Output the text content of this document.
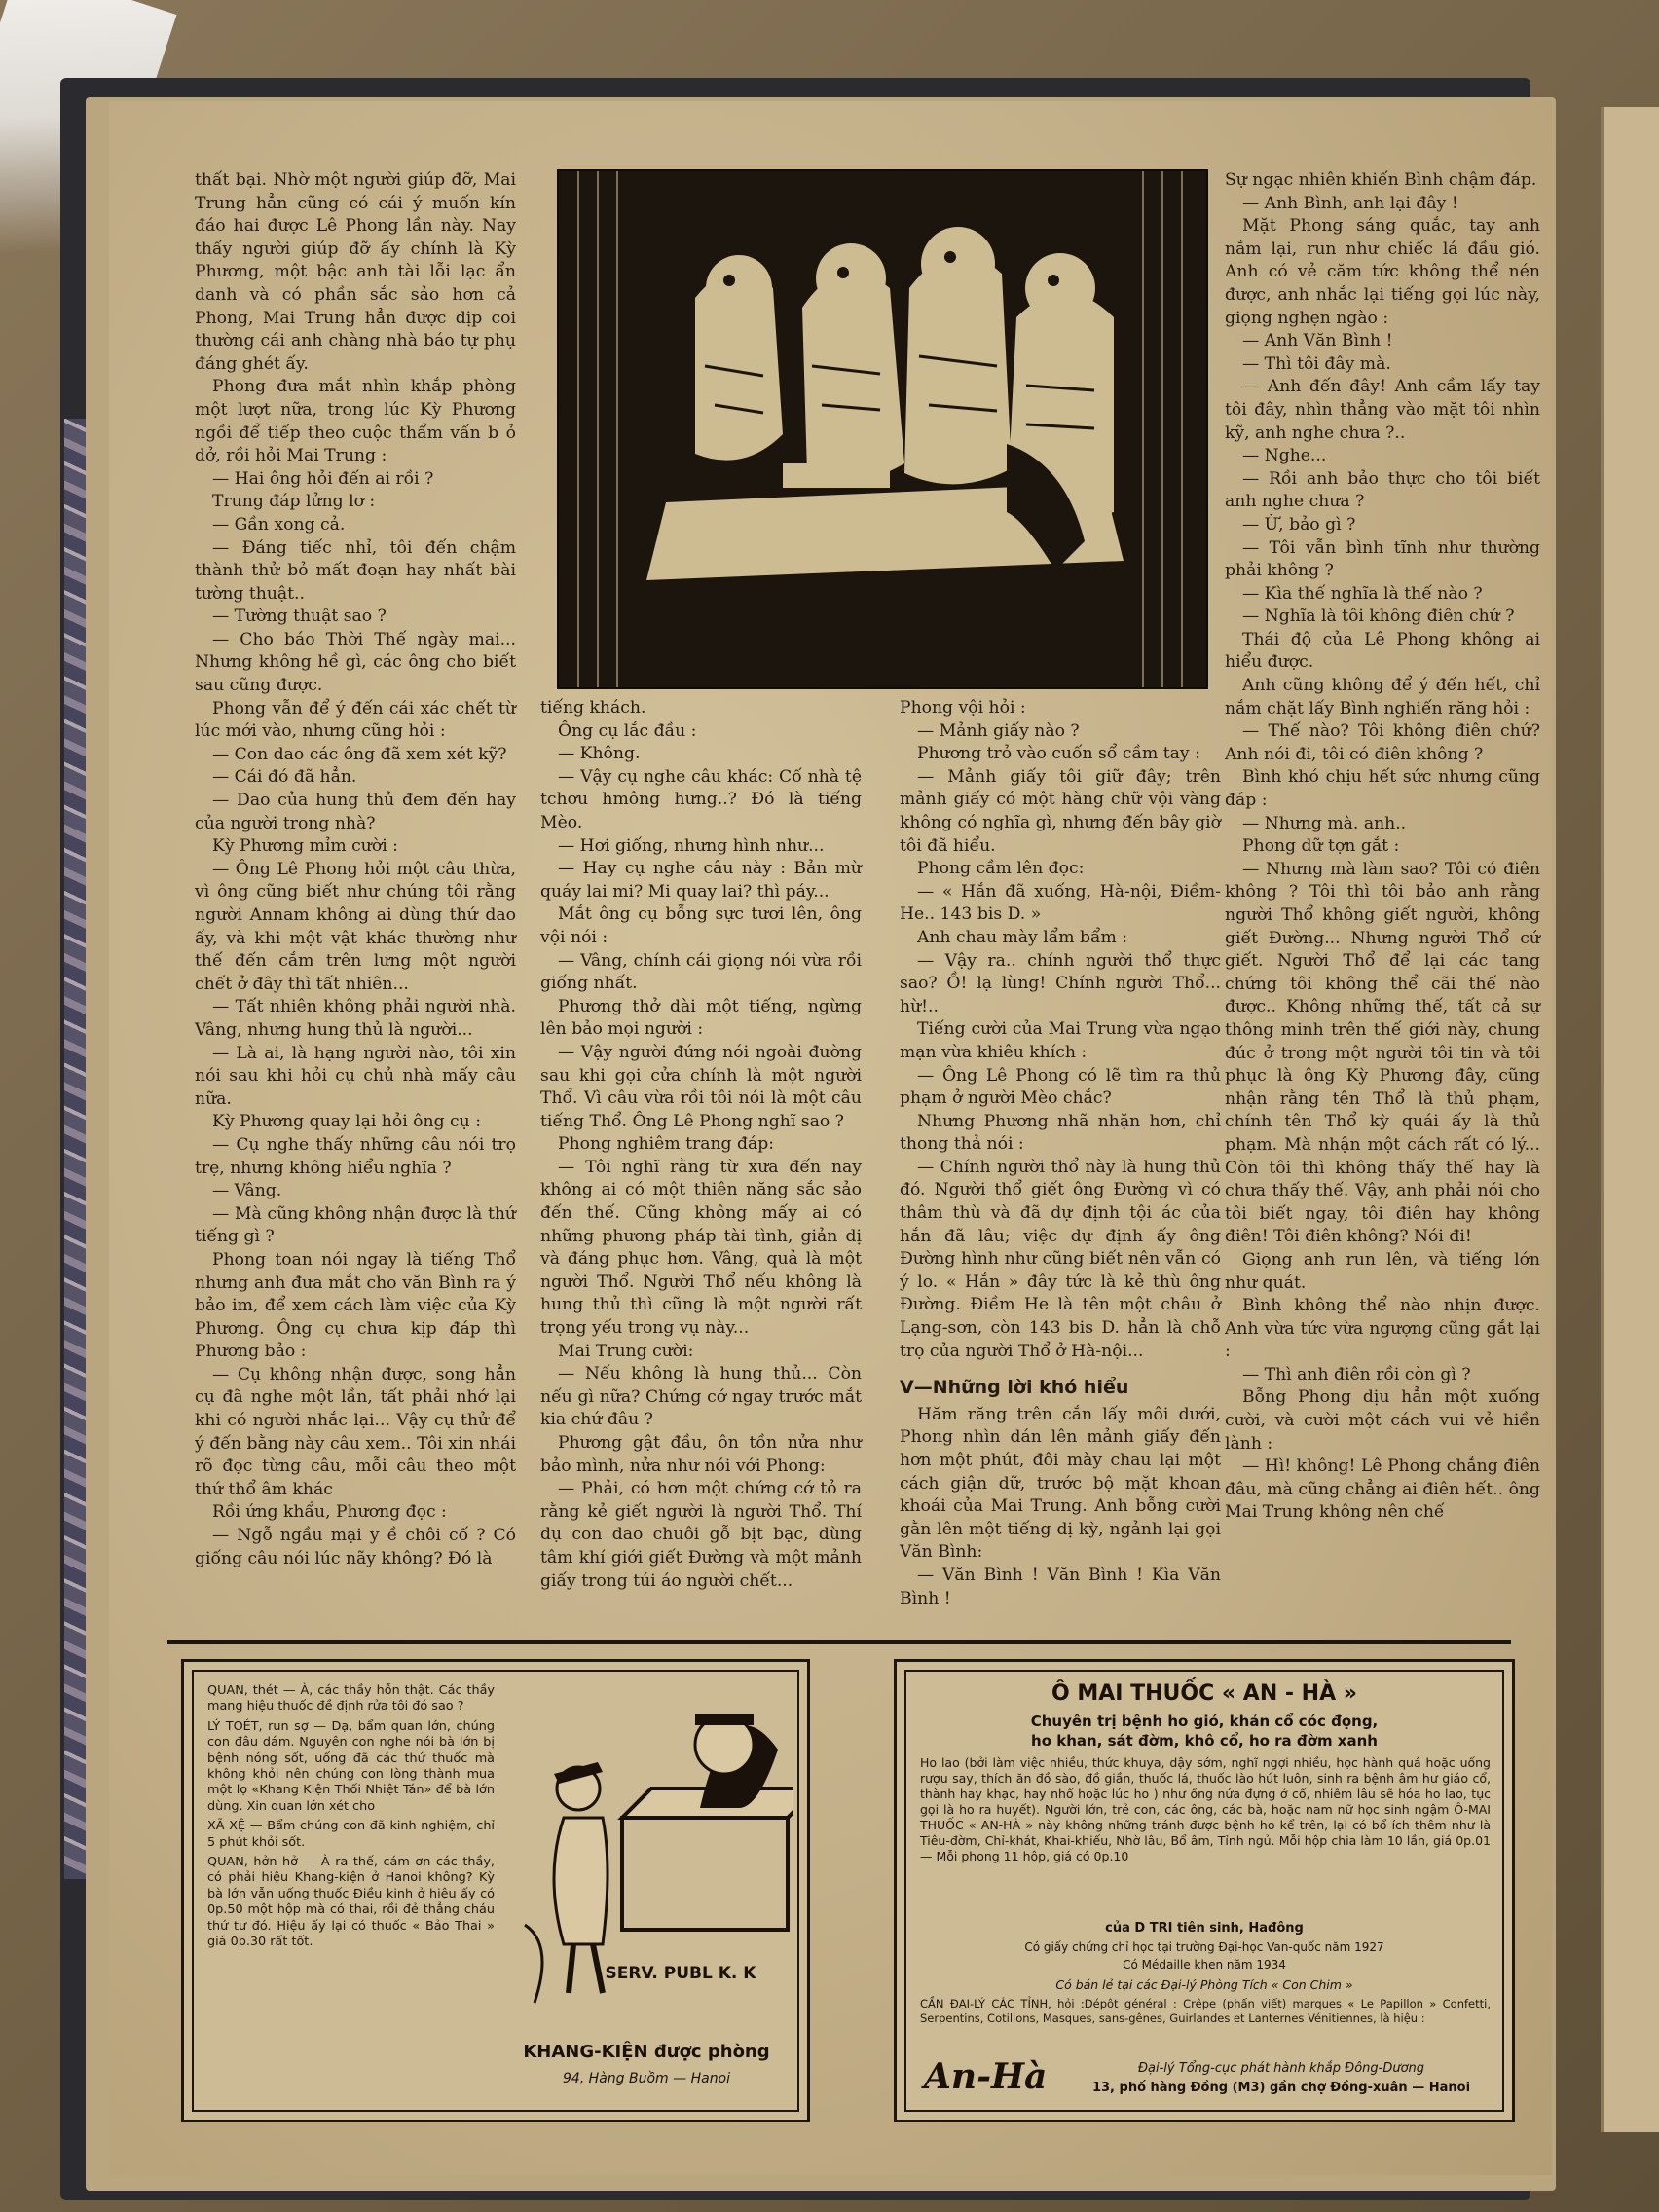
thất bại. Nhờ một người giúp đỡ, Mai Trung hẳn cũng có cái ý muốn kín đáo hai được Lê Phong lần này. Nay thấy người giúp đỡ ấy chính là Kỳ Phương, một bậc anh tài lỗi lạc ẩn danh và có phần sắc sảo hơn cả Phong, Mai Trung hẳn được dịp coi thường cái anh chàng nhà báo tự phụ đáng ghét ấy.

Phong đưa mắt nhìn khắp phòng một lượt nữa, trong lúc Kỳ Phương ngồi để tiếp theo cuộc thẩm vấn b ỏ dở, rồi hỏi Mai Trung :

— Hai ông hỏi đến ai rồi ?

Trung đáp lửng lơ :

— Gần xong cả.

— Đáng tiếc nhỉ, tôi đến chậm thành thử bỏ mất đoạn hay nhất bài tường thuật..

— Tường thuật sao ?

— Cho báo Thời Thế ngày mai... Nhưng không hề gì, các ông cho biết sau cũng được.

Phong vẫn để ý đến cái xác chết từ lúc mới vào, nhưng cũng hỏi :

— Con dao các ông đã xem xét kỹ?

— Cái đó đã hẳn.

— Dao của hung thủ đem đến hay của người trong nhà?

Kỳ Phương mỉm cười :

— Ông Lê Phong hỏi một câu thừa, vì ông cũng biết như chúng tôi rằng người Annam không ai dùng thứ dao ấy, và khi một vật khác thường như thế đến cắm trên lưng một người chết ở đây thì tất nhiên...

— Tất nhiên không phải người nhà. Vâng, nhưng hung thủ là người...

— Là ai, là hạng người nào, tôi xin nói sau khi hỏi cụ chủ nhà mấy câu nữa.

Kỳ Phương quay lại hỏi ông cụ :

— Cụ nghe thấy những câu nói trọ trẹ, nhưng không hiểu nghĩa ?

— Vâng.

— Mà cũng không nhận được là thứ tiếng gì ?

Phong toan nói ngay là tiếng Thổ nhưng anh đưa mắt cho văn Bình ra ý bảo im, để xem cách làm việc của Kỳ Phương. Ông cụ chưa kịp đáp thì Phương bảo :

— Cụ không nhận được, song hẳn cụ đã nghe một lần, tất phải nhớ lại khi có người nhắc lại... Vậy cụ thử để ý đến bằng này câu xem.. Tôi xin nhái rõ đọc từng câu, mỗi câu theo một thứ thổ âm khác

Rồi ứng khẩu, Phương đọc :

— Ngỗ ngầu mại y ề chôi cố ? Có giống câu nói lúc nãy không? Đó là

tiếng khách.

Ông cụ lắc đầu :

— Không.

— Vậy cụ nghe câu khác: Cố nhà tệ tchơu hmông hưng..? Đó là tiếng Mèo.

— Hơi giống, nhưng hình như...

— Hay cụ nghe câu này : Bản mừ quáy lai mi? Mi quay lai? thì páy...

Mắt ông cụ bỗng sực tươi lên, ông vội nói :

— Vâng, chính cái giọng nói vừa rồi giống nhất.

Phương thở dài một tiếng, ngừng lên bảo mọi người :

— Vậy người đứng nói ngoài đường sau khi gọi cửa chính là một người Thổ. Vì câu vừa rồi tôi nói là một câu tiếng Thổ. Ông Lê Phong nghĩ sao ?

Phong nghiêm trang đáp:

— Tôi nghĩ rằng từ xưa đến nay không ai có một thiên năng sắc sảo đến thế. Cũng không mấy ai có những phương pháp tài tình, giản dị và đáng phục hơn. Vâng, quả là một người Thổ. Người Thổ nếu không là hung thủ thì cũng là một người rất trọng yếu trong vụ này...

Mai Trung cười:

— Nếu không là hung thủ... Còn nếu gì nữa? Chứng cớ ngay trước mắt kia chứ đâu ?

Phương gật đầu, ôn tồn nửa như bảo mình, nửa như nói với Phong:

— Phải, có hơn một chứng cớ tỏ ra rằng kẻ giết người là người Thổ. Thí dụ con dao chuôi gỗ bịt bạc, dùng tâm khí giới giết Đường và một mảnh giấy trong túi áo người chết...

Phong vội hỏi :

— Mảnh giấy nào ?

Phương trỏ vào cuốn sổ cầm tay :

— Mảnh giấy tôi giữ đây; trên mảnh giấy có một hàng chữ vội vàng không có nghĩa gì, nhưng đến bây giờ tôi đã hiểu.

Phong cầm lên đọc:

— « Hắn đã xuống, Hà-nội, Điềm-He.. 143 bis D. »

Anh chau mày lẩm bẩm :

— Vậy ra.. chính người thổ thực sao? Ồ! lạ lùng! Chính người Thổ... hừ!..

Tiếng cười của Mai Trung vừa ngạo mạn vừa khiêu khích :

— Ông Lê Phong có lẽ tìm ra thủ phạm ở người Mèo chắc?

Nhưng Phương nhã nhặn hơn, chỉ thong thả nói :

— Chính người thổ này là hung thủ đó. Người thổ giết ông Đường vì có thâm thù và đã dự định tội ác của hắn đã lâu; việc dự định ấy ông Đường hình như cũng biết nên vẫn có ý lo. « Hắn » đây tức là kẻ thù ông Đường. Điềm He là tên một châu ở Lạng-sơn, còn 143 bis D. hẳn là chỗ trọ của người Thổ ở Hà-nội...

V—Những lời khó hiểu

Hăm răng trên cắn lấy môi dưới, Phong nhìn dán lên mảnh giấy đến hơn một phút, đôi mày chau lại một cách giận dữ, trước bộ mặt khoan khoái của Mai Trung. Anh bỗng cười gằn lên một tiếng dị kỳ, ngảnh lại gọi Văn Bình:

— Văn Bình ! Văn Bình ! Kìa Văn Bình !

Sự ngạc nhiên khiến Bình chậm đáp.

— Anh Bình, anh lại đây !

Mặt Phong sáng quắc, tay anh nắm lại, run như chiếc lá đầu gió. Anh có vẻ căm tức không thể nén được, anh nhắc lại tiếng gọi lúc này, giọng nghẹn ngào :

— Anh Văn Bình !

— Thì tôi đây mà.

— Anh đến đây! Anh cầm lấy tay tôi đây, nhìn thẳng vào mặt tôi nhìn kỹ, anh nghe chưa ?..

— Nghe...

— Rồi anh bảo thực cho tôi biết anh nghe chưa ?

— Ừ, bảo gì ?

— Tôi vẫn bình tĩnh như thường phải không ?

— Kìa thế nghĩa là thế nào ?

— Nghĩa là tôi không điên chứ ?

Thái độ của Lê Phong không ai hiểu được.

Anh cũng không để ý đến hết, chỉ nắm chặt lấy Bình nghiến răng hỏi :

— Thế nào? Tôi không điên chứ? Anh nói đi, tôi có điên không ?

Bình khó chịu hết sức nhưng cũng đáp :

— Nhưng mà. anh..

Phong dữ tợn gắt :

— Nhưng mà làm sao? Tôi có điên không ? Tôi thì tôi bảo anh rằng người Thổ không giết người, không giết Đường... Nhưng người Thổ cứ giết. Người Thổ để lại các tang chứng tôi không thể cãi thế nào được.. Không những thế, tất cả sự thông minh trên thế giới này, chung đúc ở trong một người tôi tin và tôi phục là ông Kỳ Phương đây, cũng nhận rằng tên Thổ là thủ phạm, chính tên Thổ kỳ quái ấy là thủ phạm. Mà nhận một cách rất có lý... Còn tôi thì không thấy thế hay là chưa thấy thế. Vậy, anh phải nói cho tôi biết ngay, tôi điên hay không điên! Tôi điên không? Nói đi!

Giọng anh run lên, và tiếng lớn như quát.

Bình không thể nào nhịn được. Anh vừa tức vừa ngượng cũng gắt lại :

— Thì anh điên rồi còn gì ?

Bỗng Phong dịu hẳn một xuống cười, và cười một cách vui vẻ hiền lành :

— Hì! không! Lê Phong chẳng điên đâu, mà cũng chẳng ai điên hết.. ông Mai Trung không nên chế

QUAN, thét — À, các thầy hỗn thật. Các thầy mang hiệu thuốc đề định rửa tôi đó sao ?

LÝ TOÉT, run sợ — Dạ, bẩm quan lớn, chúng con đâu dám. Nguyên con nghe nói bà lớn bị bệnh nóng sốt, uống đã các thứ thuốc mà không khỏi nên chúng con lòng thành mua một lọ «Khang Kiện Thối Nhiệt Tán» để bà lớn dùng. Xin quan lớn xét cho

XÃ XỆ — Bẩm chúng con đã kinh nghiệm, chỉ 5 phút khỏi sốt.

QUAN, hởn hở — À ra thế, cám ơn các thầy, có phải hiệu Khang-kiện ở Hanoi không? Kỳ bà lớn vẫn uống thuốc Điều kinh ở hiệu ấy có 0p.50 một hộp mà có thai, rồi đẻ thẳng cháu thứ tư đó. Hiệu ấy lại có thuốc « Bảo Thai » giá 0p.30 rất tốt.

SERV. PUBL K. K
KHANG-KIỆN được phòng
94, Hàng Buồm — Hanoi
Ô MAI THUỐC « AN - HÀ »
Chuyên trị bệnh ho gió, khản cổ cóc đọng,
ho khan, sát đờm, khô cổ, ho ra đờm xanh
Ho lao (bởi làm việc nhiều, thức khuya, dậy sớm, nghĩ ngợi nhiều, học hành quá hoặc uống rượu say, thích ăn đồ sào, đồ giần, thuốc lá, thuốc lào hút luôn, sinh ra bệnh âm hư giáo cổ, thành hay khạc, hay nhổ hoặc lúc ho ) như ống nứa đựng ở cổ, nhiễm lâu sẽ hóa ho lao, tục gọi là ho ra huyết). Người lớn, trẻ con, các ông, các bà, hoặc nam nữ học sinh ngậm Ô-MAI THUỐC « AN-HÀ » này không những tránh được bệnh ho kể trên, lại có bổ ích thêm như là Tiêu-đờm, Chỉ-khát, Khai-khiếu, Nhờ lâu, Bổ âm, Tỉnh ngủ. Mỗi hộp chia làm 10 lần, giá 0p.01 — Mỗi phong 11 hộp, giá có 0p.10
của D TRI tiên sinh, Hađông
Có giấy chứng chỉ học tại trường Đại-học Van-quốc năm 1927
Có Médaille khen năm 1934
Có bán lẻ tại các Đại-lý Phòng Tích « Con Chim »
CẦN ĐẠI-LÝ CÁC TỈNH, hỏi :Dépôt général : Crêpe (phấn viết) marques « Le Papillon » Confetti, Serpentins, Cotillons, Masques, sans-gênes, Guirlandes et Lanternes Vénitiennes, là hiệu :
An-Hà	Đại-lý Tổng-cục phát hành khắp Đông-Dương
13, phố hàng Đồng (M3) gần chợ Đồng-xuân — Hanoi
